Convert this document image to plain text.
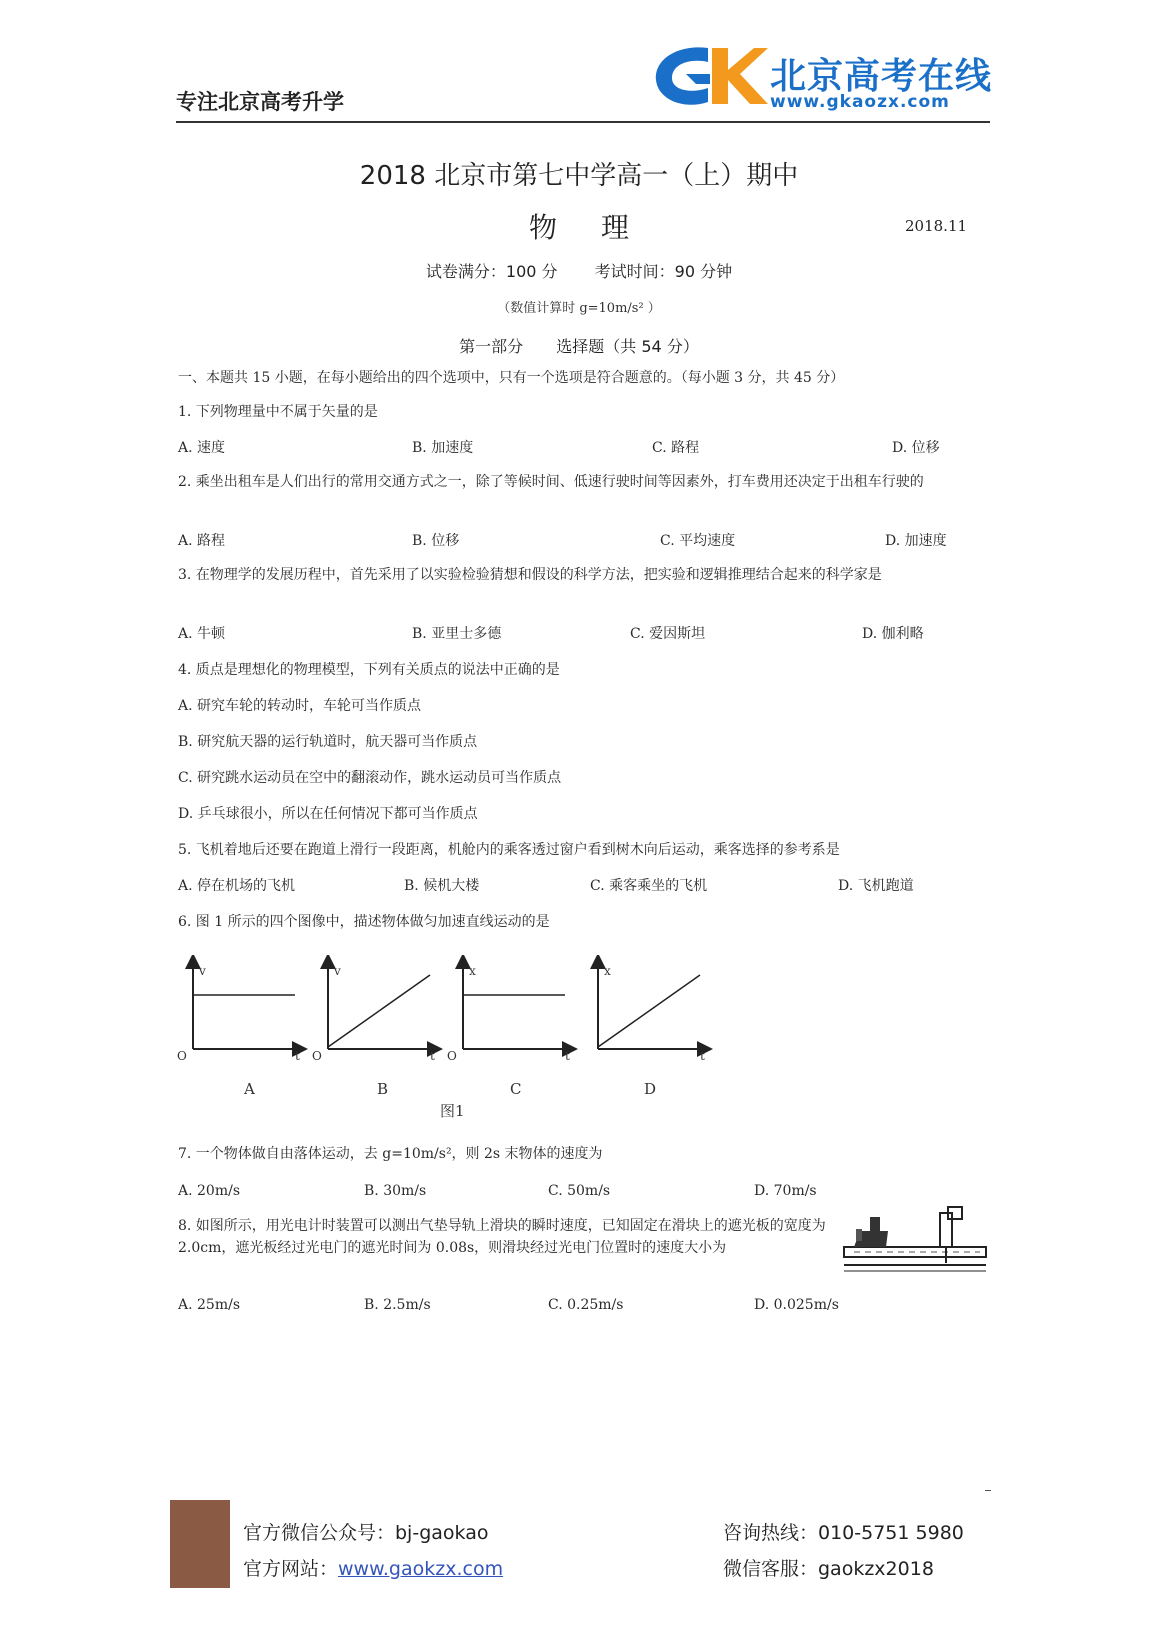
专注北京高考升学
北京高考在线
www.gkaozx.com
2018 北京市第七中学高一（上）期中
物理	2018.11
试卷满分：100 分 考试时间：90 分钟
（数值计算时 g=10m/s² ）
第一部分 选择题（共 54 分）
一、本题共 15 小题，在每小题给出的四个选项中，只有一个选项是符合题意的。（每小题 3 分，共 45 分）
1. 下列物理量中不属于矢量的是
A. 速度	B. 加速度	C. 路程	D. 位移
2. 乘坐出租车是人们出行的常用交通方式之一，除了等候时间、低速行驶时间等因素外，打车费用还决定于出租车行驶的
A. 路程	B. 位移	C. 平均速度	D. 加速度
3. 在物理学的发展历程中，首先采用了以实验检验猜想和假设的科学方法，把实验和逻辑推理结合起来的科学家是
A. 牛顿	B. 亚里士多德	C. 爱因斯坦	D. 伽利略
4. 质点是理想化的物理模型，下列有关质点的说法中正确的是
A. 研究车轮的转动时，车轮可当作质点
B. 研究航天器的运行轨道时，航天器可当作质点
C. 研究跳水运动员在空中的翻滚动作，跳水运动员可当作质点
D. 乒乓球很小，所以在任何情况下都可当作质点
5. 飞机着地后还要在跑道上滑行一段距离，机舱内的乘客透过窗户看到树木向后运动，乘客选择的参考系是
A. 停在机场的飞机	B. 候机大楼	C. 乘客乘坐的飞机	D. 飞机跑道
6. 图 1 所示的四个图像中，描述物体做匀加速直线运动的是
v
t
O
v
t
O
x
t
O
x
t
A	B	C	D
图1
7. 一个物体做自由落体运动，去 g=10m/s²，则 2s 末物体的速度为
A. 20m/s	B. 30m/s	C. 50m/s	D. 70m/s
8. 如图所示，用光电计时装置可以测出气垫导轨上滑块的瞬时速度，已知固定在滑块上的遮光板的宽度为 2.0cm，遮光板经过光电门的遮光时间为 0.08s，则滑块经过光电门位置时的速度大小为
A. 25m/s	B. 2.5m/s	C. 0.25m/s	D. 0.025m/s
官方微信公众号：bj-gaokao
官方网站：www.gaokzx.com
咨询热线：010-5751 5980
微信客服：gaokzx2018
